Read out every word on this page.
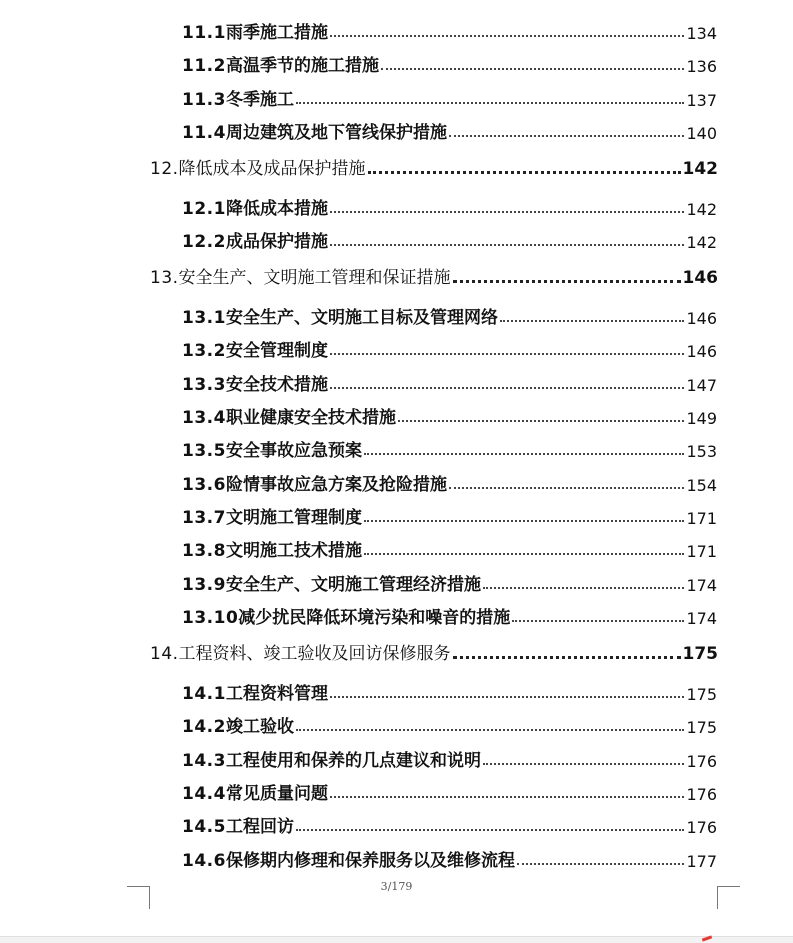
11.1 雨季施工措施	134
11.2 高温季节的施工措施	136
11.3 冬季施工	137
11.4 周边建筑及地下管线保护措施	140
12. 降低成本及成品保护措施	142
12.1 降低成本措施	142
12.2 成品保护措施	142
13. 安全生产、文明施工管理和保证措施	146
13.1 安全生产、文明施工目标及管理网络	146
13.2 安全管理制度	146
13.3 安全技术措施	147
13.4 职业健康安全技术措施	149
13.5 安全事故应急预案	153
13.6 险情事故应急方案及抢险措施	154
13.7 文明施工管理制度	171
13.8 文明施工技术措施	171
13.9 安全生产、文明施工管理经济措施	174
13.10 减少扰民降低环境污染和噪音的措施	174
14. 工程资料、竣工验收及回访保修服务	175
14.1 工程资料管理	175
14.2 竣工验收	175
14.3 工程使用和保养的几点建议和说明	176
14.4 常见质量问题	176
14.5 工程回访	176
14.6 保修期内修理和保养服务以及维修流程	177
3/179
